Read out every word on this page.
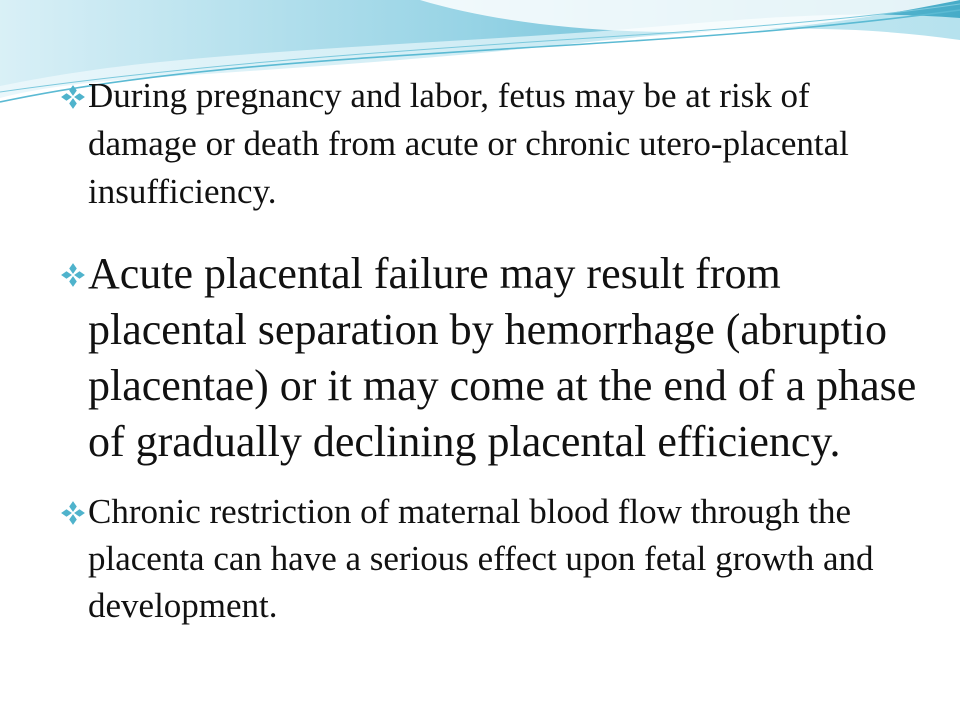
During pregnancy and labor, fetus may be at risk of damage or death from acute or chronic utero-placental insufficiency.
Acute placental failure may result from placental separation by hemorrhage (abruptio placentae) or it may come at the end of a phase of gradually declining placental efficiency.
Chronic restriction of maternal blood flow through the placenta can have a serious effect upon fetal growth and development.
